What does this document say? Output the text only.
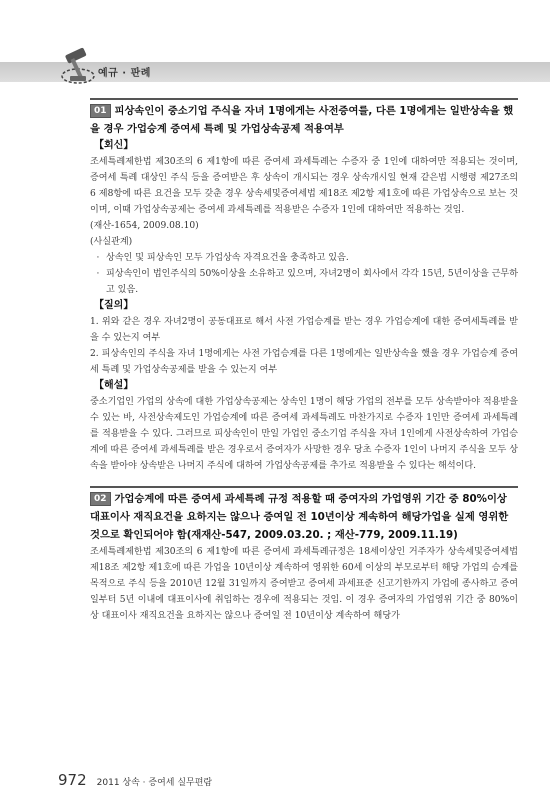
예규 · 판례

01 피상속인이 중소기업 주식을 자녀 1명에게는 사전증여를, 다른 1명에게는 일반상속을 했을 경우 가업승계 증여세 특례 및 가업상속공제 적용여부

【회신】

조세특례제한법 제30조의 6 제1항에 따른 증여세 과세특례는 수증자 중 1인에 대하여만 적용되는 것이며, 증여세 특례 대상인 주식 등을 증여받은 후 상속이 개시되는 경우 상속개시일 현재 같은법 시행령 제27조의 6 제8항에 따른 요건을 모두 갖춘 경우 상속세및증여세법 제18조 제2항 제1호에 따른 가업상속으로 보는 것이며, 이때 가업상속공제는 증여세 과세특례를 적용받은 수증자 1인에 대하여만 적용하는 것임.

(재산-1654, 2009.08.10)

(사실관계)

· 상속인 및 피상속인 모두 가업상속 자격요건을 충족하고 있음.
· 피상속인이 법인주식의 50%이상을 소유하고 있으며, 자녀2명이 회사에서 각각 15년, 5년이상을 근무하고 있음.
【질의】

1. 위와 같은 경우 자녀2명이 공동대표로 해서 사전 가업승계를 받는 경우 가업승계에 대한 증여세특례를 받을 수 있는지 여부

2. 피상속인의 주식을 자녀 1명에게는 사전 가업승계를 다른 1명에게는 일반상속을 했을 경우 가업승계 증여세 특례 및 가업상속공제를 받을 수 있는지 여부

【해설】

중소기업인 가업의 상속에 대한 가업상속공제는 상속인 1명이 해당 가업의 전부를 모두 상속받아야 적용받을 수 있는 바, 사전상속제도인 가업승계에 따른 증여세 과세특례도 마찬가지로 수증자 1인만 증여세 과세특례를 적용받을 수 있다. 그러므로 피상속인이 만일 가업인 중소기업 주식을 자녀 1인에게 사전상속하여 가업승계에 따른 증여세 과세특례를 받은 경우로서 증여자가 사망한 경우 당초 수증자 1인이 나머지 주식을 모두 상속을 받아야 상속받은 나머지 주식에 대하여 가업상속공제를 추가로 적용받을 수 있다는 해석이다.

02 가업승계에 따른 증여세 과세특례 규정 적용할 때 증여자의 가업영위 기간 중 80%이상 대표이사 재직요건을 요하지는 않으나 증여일 전 10년이상 계속하여 해당가업을 실제 영위한 것으로 확인되어야 함(재재산-547, 2009.03.20. ; 재산-779, 2009.11.19)

조세특례제한법 제30조의 6 제1항에 따른 증여세 과세특례규정은 18세이상인 거주자가 상속세및증여세법 제18조 제2항 제1호에 따른 가업을 10년이상 계속하여 영위한 60세 이상의 부모로부터 해당 가업의 승계를 목적으로 주식 등을 2010년 12월 31일까지 증여받고 증여세 과세표준 신고기한까지 가업에 종사하고 증여일부터 5년 이내에 대표이사에 취임하는 경우에 적용되는 것임. 이 경우 증여자의 가업영위 기간 중 80%이상 대표이사 재직요건을 요하지는 않으나 증여일 전 10년이상 계속하여 해당가

972 2011 상속 · 증여세 실무편람
